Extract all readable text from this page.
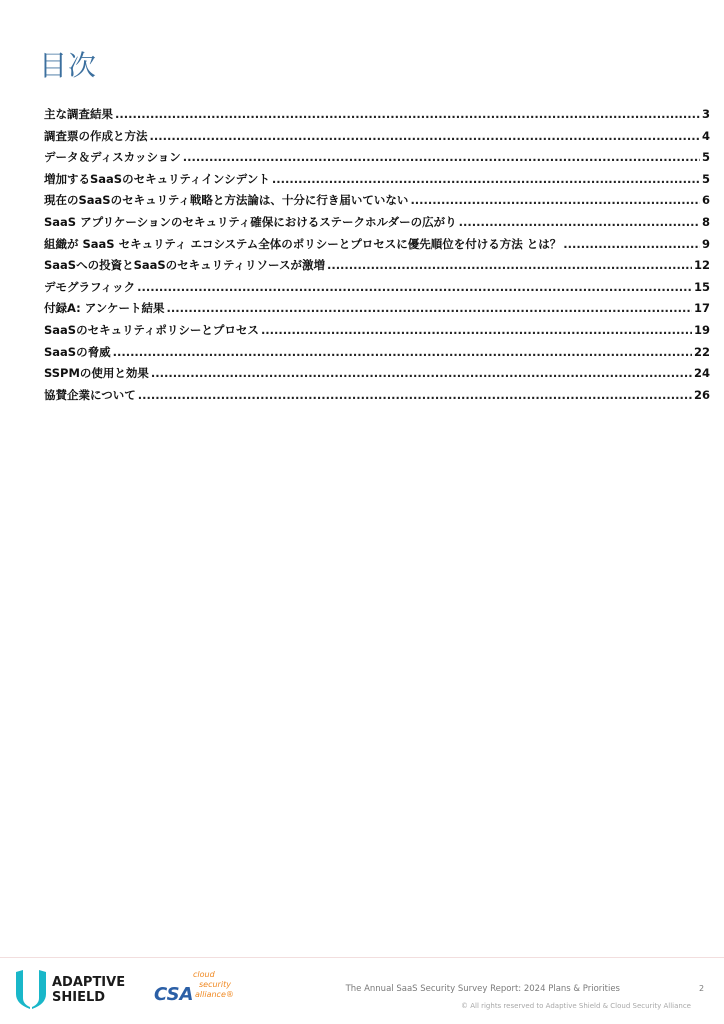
目次
主な調査結果 .....	3
調査票の作成と方法 .....	4
データ＆ディスカッション .....	5
増加するSaaSのセキュリティインシデント .....	5
現在のSaaSのセキュリティ戦略と方法論は、十分に行き届いていない .....	6
SaaS アプリケーションのセキュリティ確保におけるステークホルダーの広がり .....	8
組織が SaaS セキュリティ エコシステム全体のポリシーとプロセスに優先順位を付ける方法 とは？ .....	9
SaaSへの投資とSaaSのセキュリティリソースが激増 .....	12
デモグラフィック .....	15
付録A: アンケート結果 .....	17
SaaSのセキュリティポリシーとプロセス .....	19
SaaSの脅威 .....	22
SSPMの使用と効果 .....	24
協賛企業について .....	26
ADAPTIVE
SHIELD	CSA
cloud
security
alliance®
The Annual SaaS Security Survey Report: 2024 Plans & Priorities	2
© All rights reserved to Adaptive Shield & Cloud Security Alliance
